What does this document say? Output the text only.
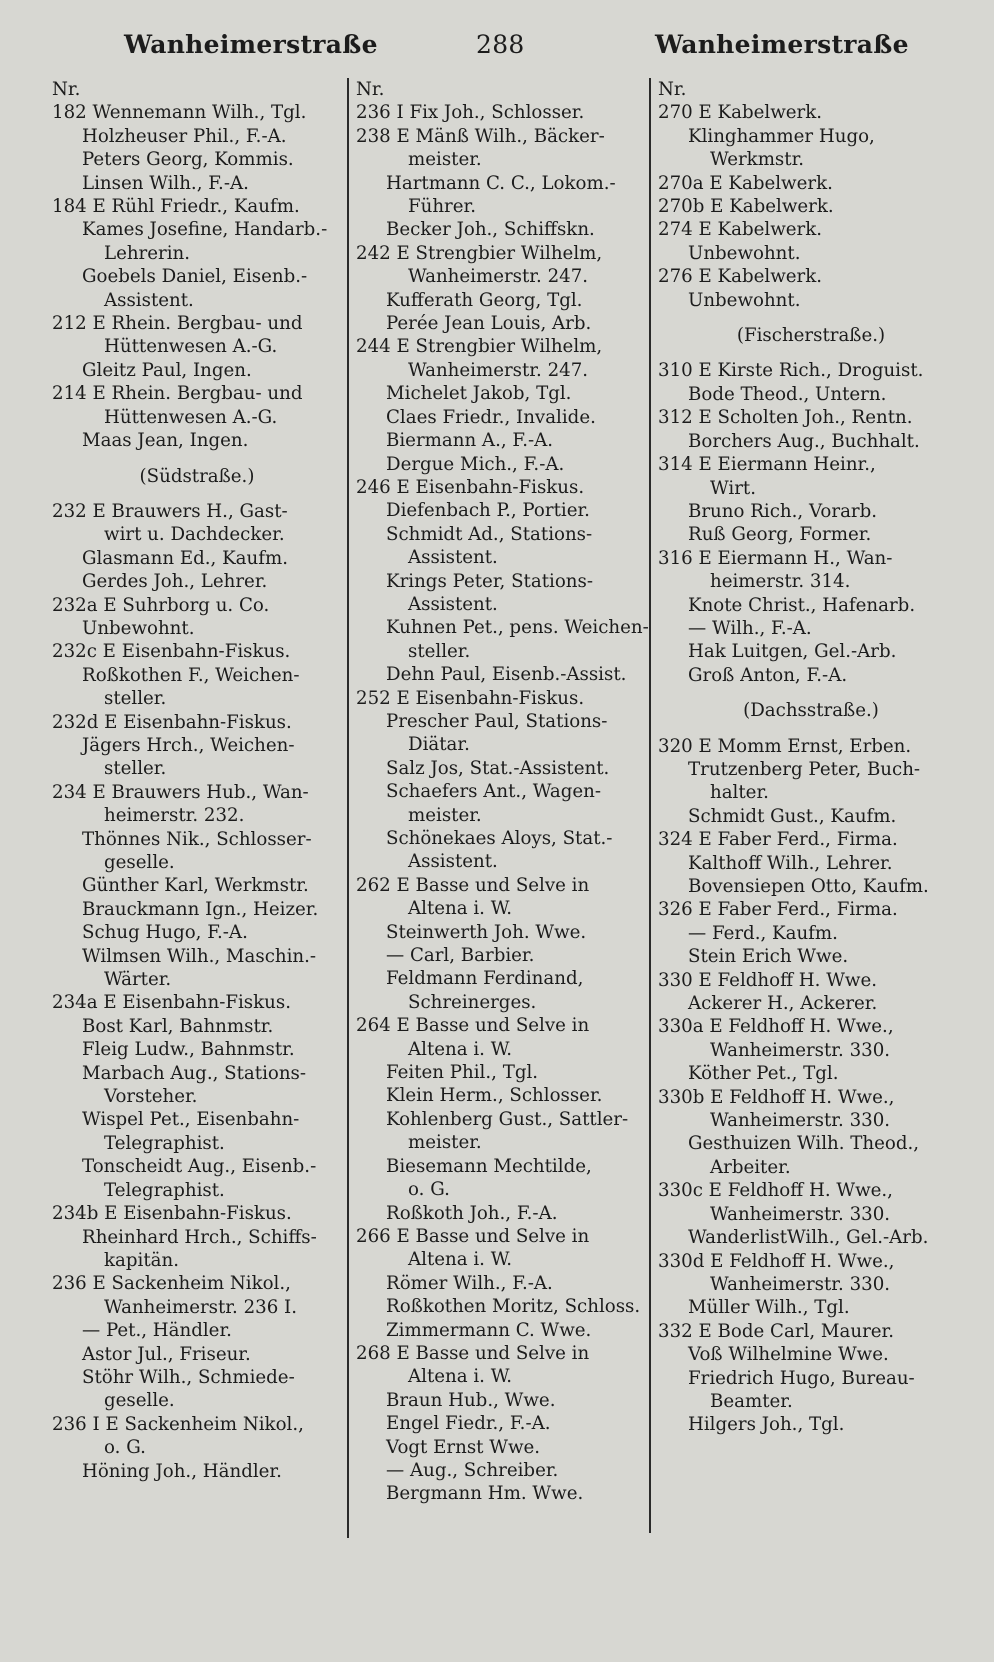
Wanheimerstraße	288	Wanheimerstraße
Nr.
182 Wennemann Wilh., Tgl.
Holzheuser Phil., F.-A.
Peters Georg, Kommis.
Linsen Wilh., F.-A.
184 E Rühl Friedr., Kaufm.
Kames Josefine, Handarb.-
Lehrerin.
Goebels Daniel, Eisenb.-
Assistent.
212 E Rhein. Bergbau- und
Hüttenwesen A.-G.
Gleitz Paul, Ingen.
214 E Rhein. Bergbau- und
Hüttenwesen A.-G.
Maas Jean, Ingen.
(Südstraße.)
232 E Brauwers H., Gast-
wirt u. Dachdecker.
Glasmann Ed., Kaufm.
Gerdes Joh., Lehrer.
232a E Suhrborg u. Co.
Unbewohnt.
232c E Eisenbahn-Fiskus.
Roßkothen F., Weichen-
steller.
232d E Eisenbahn-Fiskus.
Jägers Hrch., Weichen-
steller.
234 E Brauwers Hub., Wan-
heimerstr. 232.
Thönnes Nik., Schlosser-
geselle.
Günther Karl, Werkmstr.
Brauckmann Ign., Heizer.
Schug Hugo, F.-A.
Wilmsen Wilh., Maschin.-
Wärter.
234a E Eisenbahn-Fiskus.
Bost Karl, Bahnmstr.
Fleig Ludw., Bahnmstr.
Marbach Aug., Stations-
Vorsteher.
Wispel Pet., Eisenbahn-
Telegraphist.
Tonscheidt Aug., Eisenb.-
Telegraphist.
234b E Eisenbahn-Fiskus.
Rheinhard Hrch., Schiffs-
kapitän.
236 E Sackenheim Nikol.,
Wanheimerstr. 236 I.
— Pet., Händler.
Astor Jul., Friseur.
Stöhr Wilh., Schmiede-
geselle.
236 I E Sackenheim Nikol.,
o. G.
Höning Joh., Händler.
Nr.
236 I Fix Joh., Schlosser.
238 E Mänß Wilh., Bäcker-
meister.
Hartmann C. C., Lokom.-
Führer.
Becker Joh., Schiffskn.
242 E Strengbier Wilhelm,
Wanheimerstr. 247.
Kufferath Georg, Tgl.
Perée Jean Louis, Arb.
244 E Strengbier Wilhelm,
Wanheimerstr. 247.
Michelet Jakob, Tgl.
Claes Friedr., Invalide.
Biermann A., F.-A.
Dergue Mich., F.-A.
246 E Eisenbahn-Fiskus.
Diefenbach P., Portier.
Schmidt Ad., Stations-
Assistent.
Krings Peter, Stations-
Assistent.
Kuhnen Pet., pens. Weichen-
steller.
Dehn Paul, Eisenb.-Assist.
252 E Eisenbahn-Fiskus.
Prescher Paul, Stations-
Diätar.
Salz Jos, Stat.-Assistent.
Schaefers Ant., Wagen-
meister.
Schönekaes Aloys, Stat.-
Assistent.
262 E Basse und Selve in
Altena i. W.
Steinwerth Joh. Wwe.
— Carl, Barbier.
Feldmann Ferdinand,
Schreinerges.
264 E Basse und Selve in
Altena i. W.
Feiten Phil., Tgl.
Klein Herm., Schlosser.
Kohlenberg Gust., Sattler-
meister.
Biesemann Mechtilde,
o. G.
Roßkoth Joh., F.-A.
266 E Basse und Selve in
Altena i. W.
Römer Wilh., F.-A.
Roßkothen Moritz, Schloss.
Zimmermann C. Wwe.
268 E Basse und Selve in
Altena i. W.
Braun Hub., Wwe.
Engel Fiedr., F.-A.
Vogt Ernst Wwe.
— Aug., Schreiber.
Bergmann Hm. Wwe.
Nr.
270 E Kabelwerk.
Klinghammer Hugo,
Werkmstr.
270a E Kabelwerk.
270b E Kabelwerk.
274 E Kabelwerk.
Unbewohnt.
276 E Kabelwerk.
Unbewohnt.
(Fischerstraße.)
310 E Kirste Rich., Droguist.
Bode Theod., Untern.
312 E Scholten Joh., Rentn.
Borchers Aug., Buchhalt.
314 E Eiermann Heinr.,
Wirt.
Bruno Rich., Vorarb.
Ruß Georg, Former.
316 E Eiermann H., Wan-
heimerstr. 314.
Knote Christ., Hafenarb.
— Wilh., F.-A.
Hak Luitgen, Gel.-Arb.
Groß Anton, F.-A.
(Dachsstraße.)
320 E Momm Ernst, Erben.
Trutzenberg Peter, Buch-
halter.
Schmidt Gust., Kaufm.
324 E Faber Ferd., Firma.
Kalthoff Wilh., Lehrer.
Bovensiepen Otto, Kaufm.
326 E Faber Ferd., Firma.
— Ferd., Kaufm.
Stein Erich Wwe.
330 E Feldhoff H. Wwe.
Ackerer H., Ackerer.
330a E Feldhoff H. Wwe.,
Wanheimerstr. 330.
Köther Pet., Tgl.
330b E Feldhoff H. Wwe.,
Wanheimerstr. 330.
Gesthuizen Wilh. Theod.,
Arbeiter.
330c E Feldhoff H. Wwe.,
Wanheimerstr. 330.
WanderlistWilh., Gel.-Arb.
330d E Feldhoff H. Wwe.,
Wanheimerstr. 330.
Müller Wilh., Tgl.
332 E Bode Carl, Maurer.
Voß Wilhelmine Wwe.
Friedrich Hugo, Bureau-
Beamter.
Hilgers Joh., Tgl.
